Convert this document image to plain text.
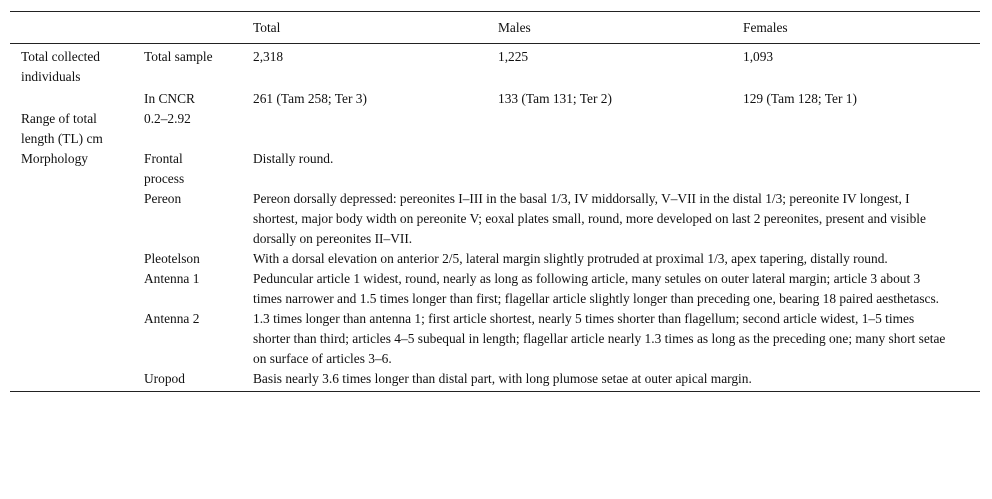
		Total	Males	Females
Total collected individuals	Total sample	2,318	1,225	1,093
	In CNCR	261 (Tam 258; Ter 3)	133 (Tam 131; Ter 2)	129 (Tam 128; Ter 1)
Range of total length (TL) cm	0.2–2.92			
Morphology	Frontal process	Distally round.		
	Pereon	Pereon dorsally depressed: pereonites I–III in the basal 1/3, IV middorsally, V–VII in the distal 1/3; pereonite IV longest, I shortest, major body width on pereonite V; eoxal plates small, round, more developed on last 2 pereonites, present and visible dorsally on pereonites II–VII.		
	Pleotelson	With a dorsal elevation on anterior 2/5, lateral margin slightly protruded at proximal 1/3, apex tapering, distally round.		
	Antenna 1	Peduncular article 1 widest, round, nearly as long as following article, many setules on outer lateral margin; article 3 about 3 times narrower and 1.5 times longer than first; flagellar article slightly longer than preceding one, bearing 18 paired aesthetascs.		
	Antenna 2	1.3 times longer than antenna 1; first article shortest, nearly 5 times shorter than flagellum; second article widest, 1–5 times shorter than third; articles 4–5 subequal in length; flagellar article nearly 1.3 times as long as the preceding one; many short setae on surface of articles 3–6.		
	Uropod	Basis nearly 3.6 times longer than distal part, with long plumose setae at outer apical margin.		
